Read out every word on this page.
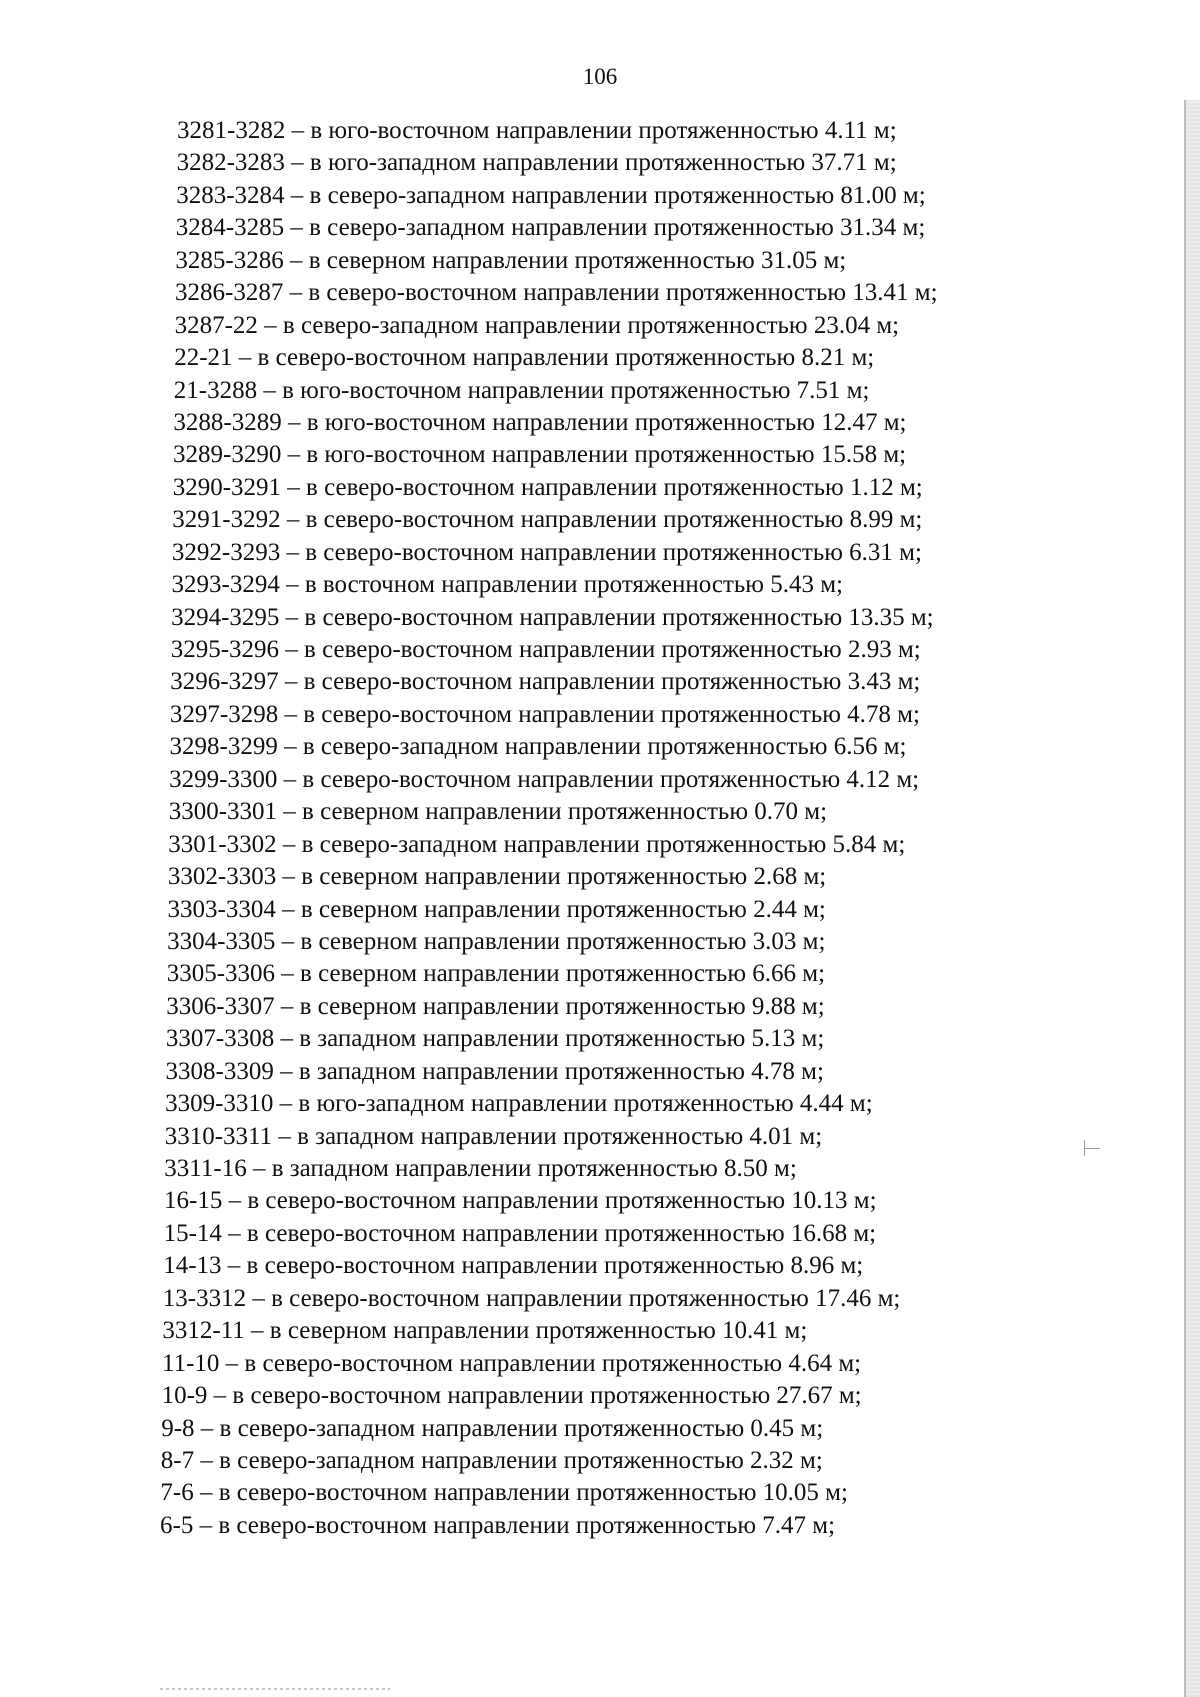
106
3281-3282 – в юго-восточном направлении протяженностью 4.11 м;
3282-3283 – в юго-западном направлении протяженностью 37.71 м;
3283-3284 – в северо-западном направлении протяженностью 81.00 м;
3284-3285 – в северо-западном направлении протяженностью 31.34 м;
3285-3286 – в северном направлении протяженностью 31.05 м;
3286-3287 – в северо-восточном направлении протяженностью 13.41 м;
3287-22 – в северо-западном направлении протяженностью 23.04 м;
22-21 – в северо-восточном направлении протяженностью 8.21 м;
21-3288 – в юго-восточном направлении протяженностью 7.51 м;
3288-3289 – в юго-восточном направлении протяженностью 12.47 м;
3289-3290 – в юго-восточном направлении протяженностью 15.58 м;
3290-3291 – в северо-восточном направлении протяженностью 1.12 м;
3291-3292 – в северо-восточном направлении протяженностью 8.99 м;
3292-3293 – в северо-восточном направлении протяженностью 6.31 м;
3293-3294 – в восточном направлении протяженностью 5.43 м;
3294-3295 – в северо-восточном направлении протяженностью 13.35 м;
3295-3296 – в северо-восточном направлении протяженностью 2.93 м;
3296-3297 – в северо-восточном направлении протяженностью 3.43 м;
3297-3298 – в северо-восточном направлении протяженностью 4.78 м;
3298-3299 – в северо-западном направлении протяженностью 6.56 м;
3299-3300 – в северо-восточном направлении протяженностью 4.12 м;
3300-3301 – в северном направлении протяженностью 0.70 м;
3301-3302 – в северо-западном направлении протяженностью 5.84 м;
3302-3303 – в северном направлении протяженностью 2.68 м;
3303-3304 – в северном направлении протяженностью 2.44 м;
3304-3305 – в северном направлении протяженностью 3.03 м;
3305-3306 – в северном направлении протяженностью 6.66 м;
3306-3307 – в северном направлении протяженностью 9.88 м;
3307-3308 – в западном направлении протяженностью 5.13 м;
3308-3309 – в западном направлении протяженностью 4.78 м;
3309-3310 – в юго-западном направлении протяженностью 4.44 м;
3310-3311 – в западном направлении протяженностью 4.01 м;
3311-16 – в западном направлении протяженностью 8.50 м;
16-15 – в северо-восточном направлении протяженностью 10.13 м;
15-14 – в северо-восточном направлении протяженностью 16.68 м;
14-13 – в северо-восточном направлении протяженностью 8.96 м;
13-3312 – в северо-восточном направлении протяженностью 17.46 м;
3312-11 – в северном направлении протяженностью 10.41 м;
11-10 – в северо-восточном направлении протяженностью 4.64 м;
10-9 – в северо-восточном направлении протяженностью 27.67 м;
9-8 – в северо-западном направлении протяженностью 0.45 м;
8-7 – в северо-западном направлении протяженностью 2.32 м;
7-6 – в северо-восточном направлении протяженностью 10.05 м;
6-5 – в северо-восточном направлении протяженностью 7.47 м;
